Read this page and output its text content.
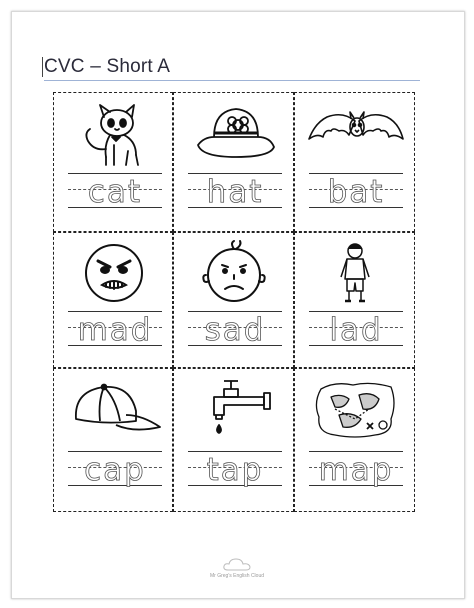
CVC – Short A
cat	hat	bat
mad	sad	lad
cap	tap	map
Mr Greg's English Cloud
